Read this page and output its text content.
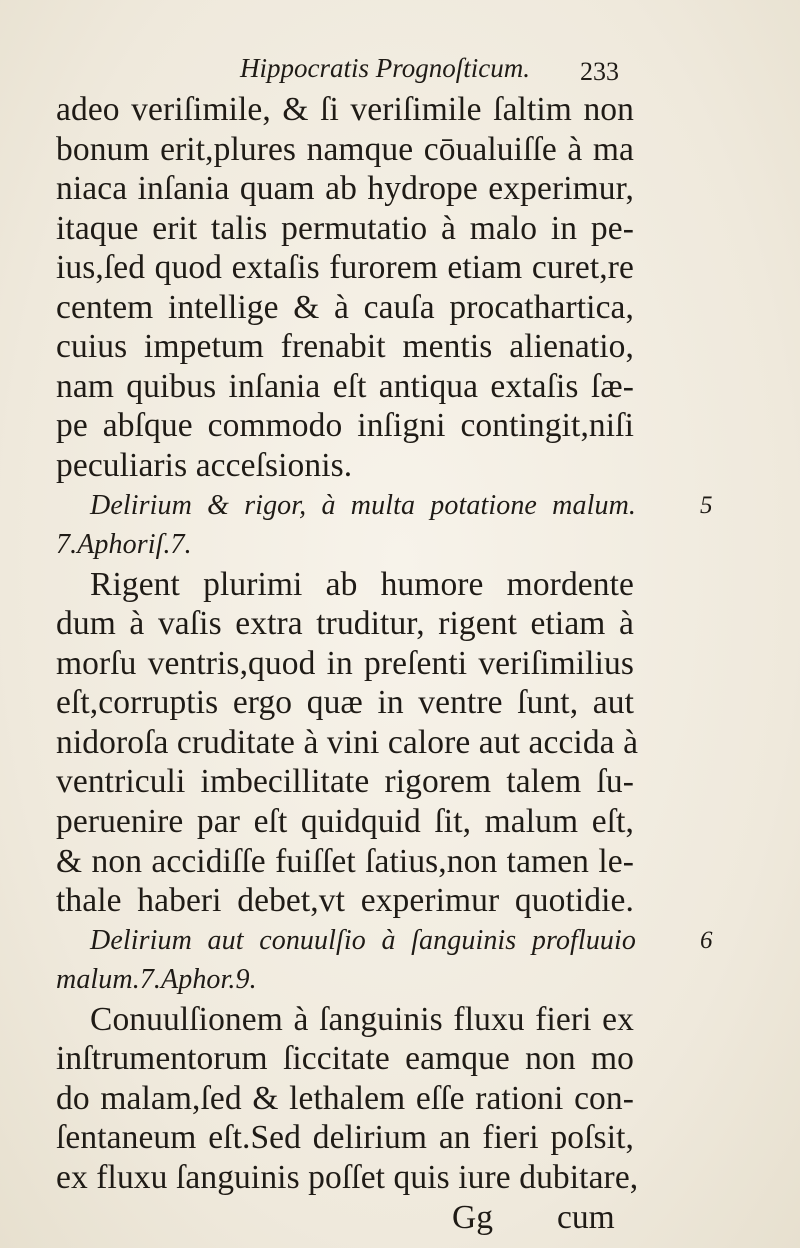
Hippocratis Prognoſticum. 233
adeo veriſimile, & ſi veriſimile ſaltim non
bonum erit,plures namque cōualuiſſe à ma
niaca inſania quam ab hydrope experimur,
itaque erit talis permutatio à malo in pe-
ius,ſed quod extaſis furorem etiam curet,re
centem intellige & à cauſa procathartica,
cuius impetum frenabit mentis alienatio,
nam quibus inſania eſt antiqua extaſis ſæ-
pe abſque commodo inſigni contingit,niſi
peculiaris acceſsionis.
Delirium & rigor, à multa potatione malum.
7.Aphoriſ.7.
Rigent plurimi ab humore mordente
dum à vaſis extra truditur, rigent etiam à
morſu ventris,quod in preſenti veriſimilius
eſt,corruptis ergo quæ in ventre ſunt, aut
nidoroſa cruditate à vini calore aut accida à
ventriculi imbecillitate rigorem talem ſu-
peruenire par eſt quidquid ſit, malum eſt,
& non accidiſſe fuiſſet ſatius,non tamen le-
thale haberi debet,vt experimur quotidie.
Delirium aut conuulſio à ſanguinis profluuio
malum.7.Aphor.9.
Conuulſionem à ſanguinis fluxu fieri ex
inſtrumentorum ſiccitate eamque non mo
do malam,ſed & lethalem eſſe rationi con-
ſentaneum eſt.Sed delirium an fieri poſsit,
ex fluxu ſanguinis poſſet quis iure dubitare,
5
6
Gg cum
